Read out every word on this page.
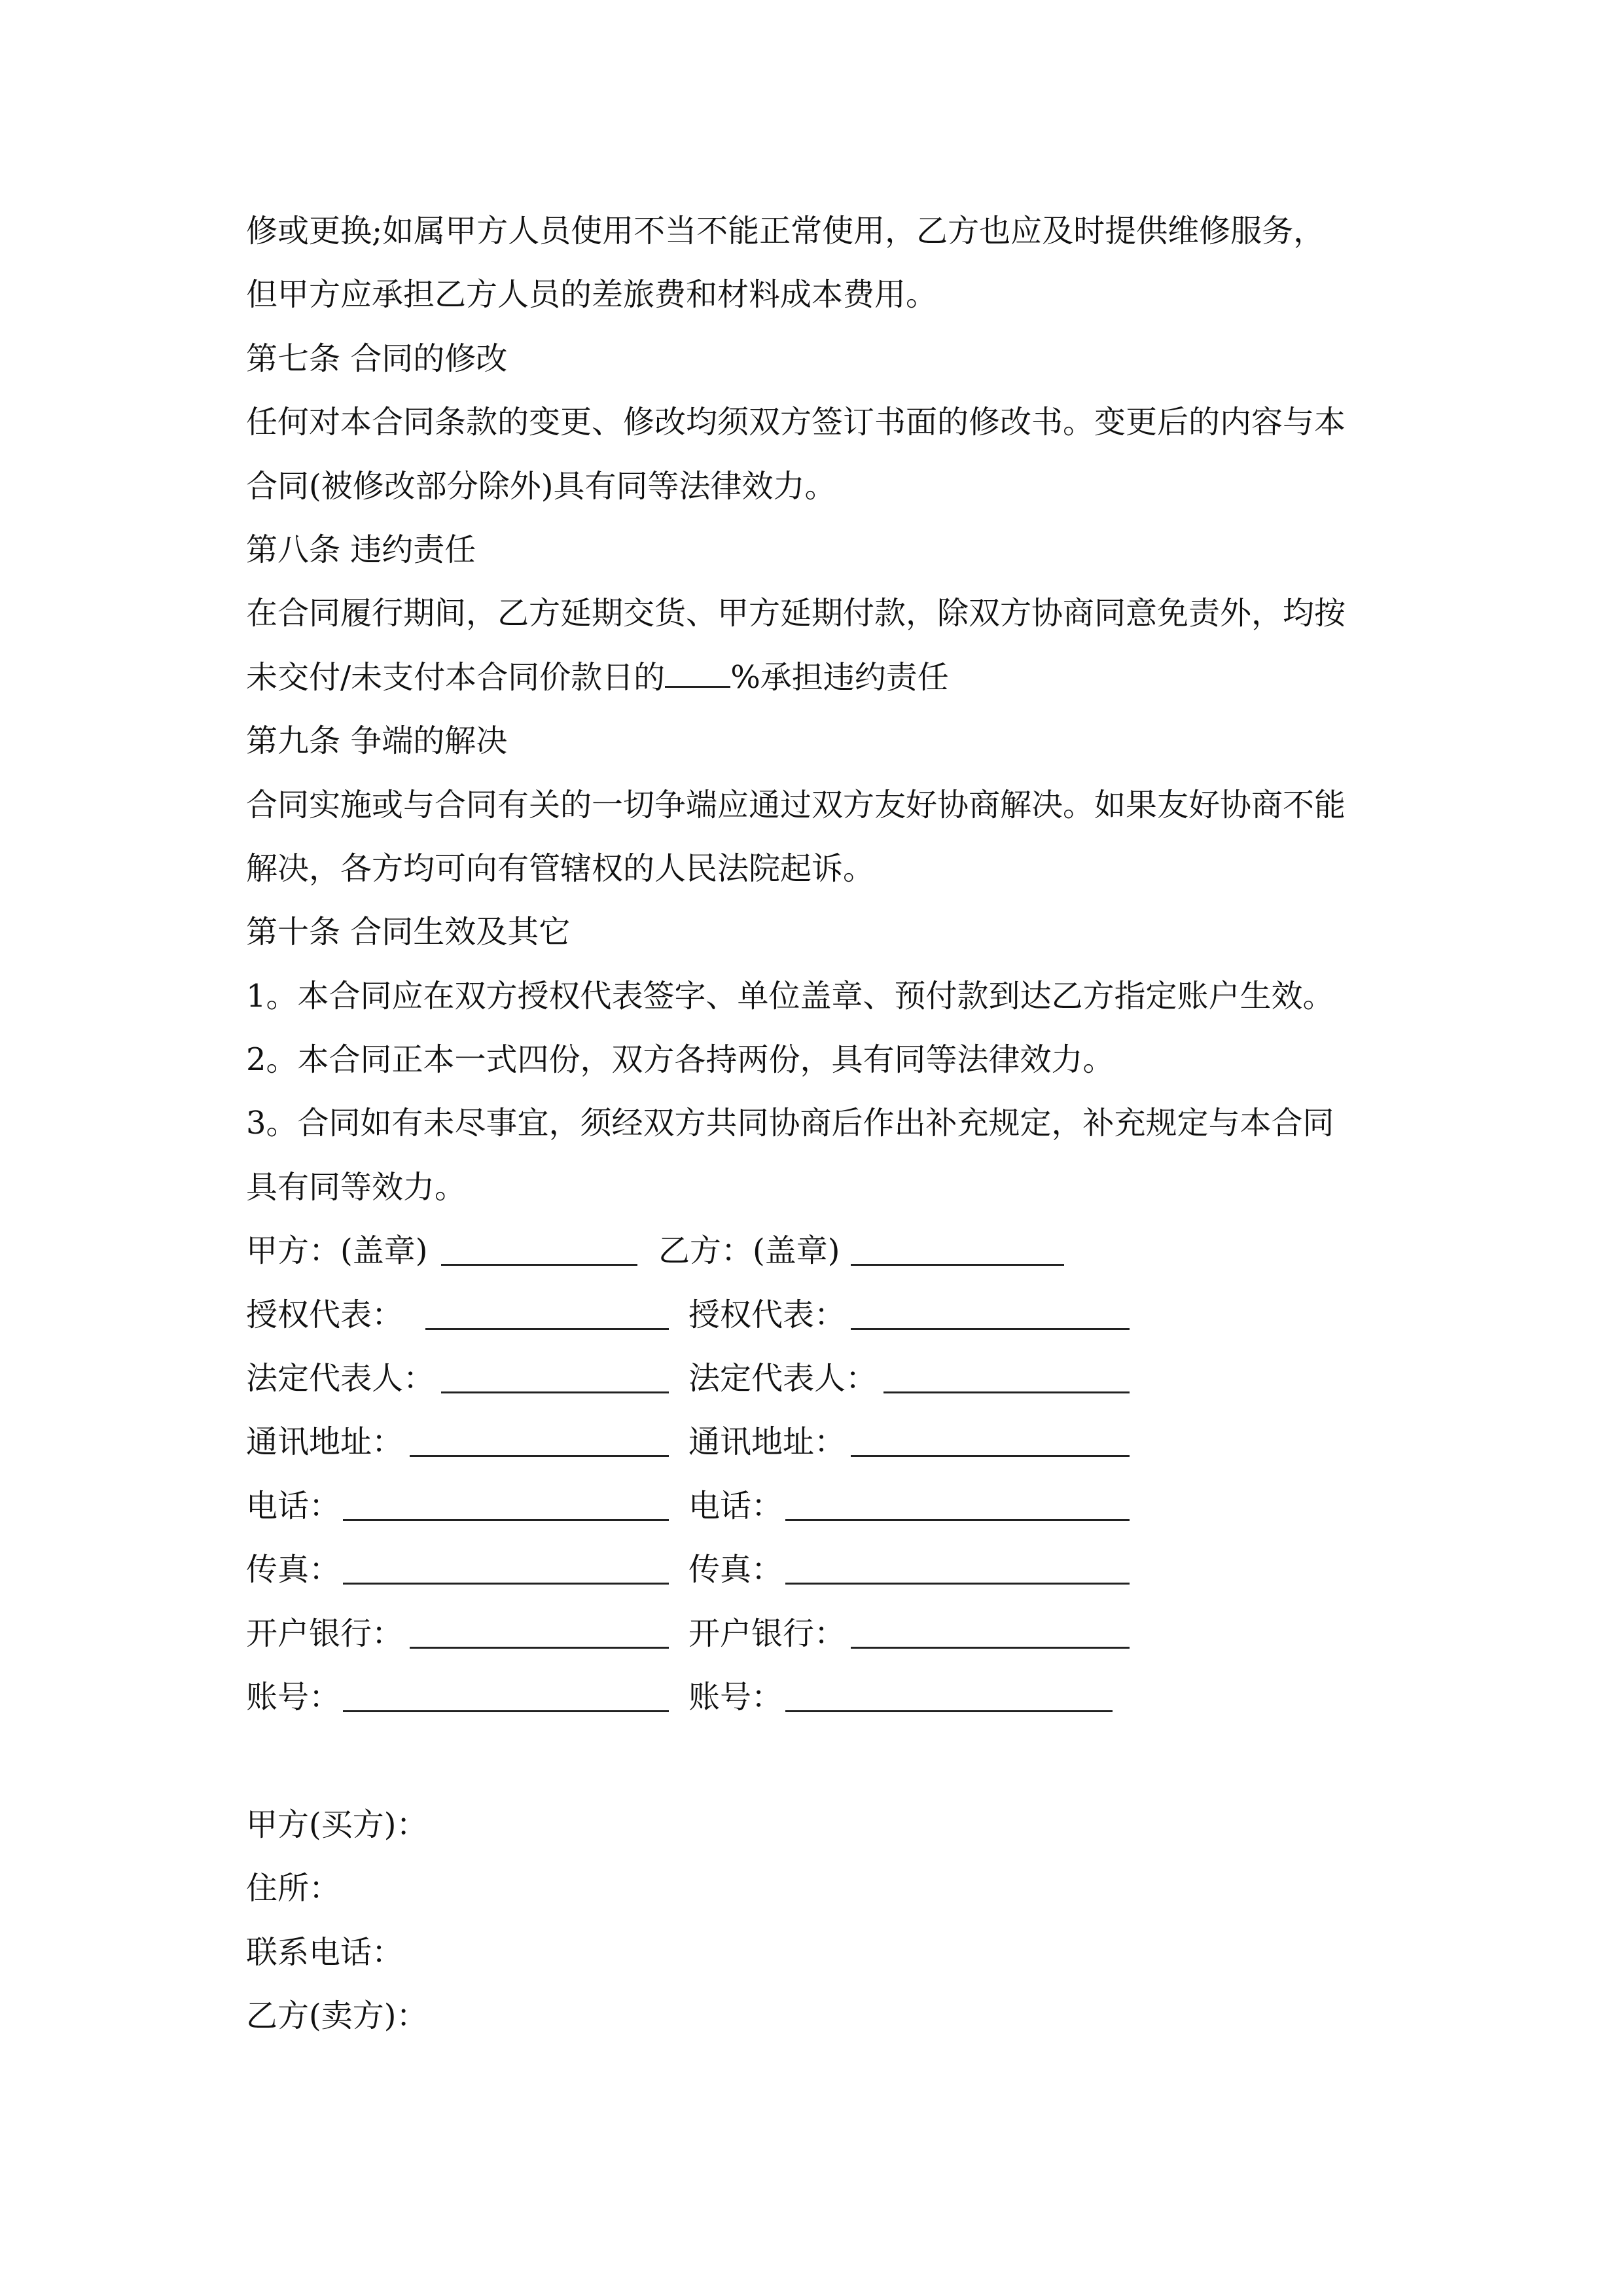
修或更换;如属甲方人员使用不当不能正常使用，乙方也应及时提供维修服务，
但甲方应承担乙方人员的差旅费和材料成本费用。
第七条 合同的修改
任何对本合同条款的变更、修改均须双方签订书面的修改书。变更后的内容与本
合同(被修改部分除外)具有同等法律效力。
第八条 违约责任
在合同履行期间，乙方延期交货、甲方延期付款，除双方协商同意免责外，均按
未交付/未支付本合同价款日的 %承担违约责任
第九条 争端的解决
合同实施或与合同有关的一切争端应通过双方友好协商解决。如果友好协商不能
解决，各方均可向有管辖权的人民法院起诉。
第十条 合同生效及其它
1。本合同应在双方授权代表签字、单位盖章、预付款到达乙方指定账户生效。
2。本合同正本一式四份，双方各持两份，具有同等法律效力。
3。合同如有未尽事宜，须经双方共同协商后作出补充规定，补充规定与本合同
具有同等效力。
甲方：(盖章)	乙方：(盖章)
授权代表：	授权代表：
法定代表人：	法定代表人：
通讯地址：	通讯地址：
电话：	电话：
传真：	传真：
开户银行：	开户银行：
账号：	账号：
甲方(买方)：
住所：
联系电话：
乙方(卖方)：
